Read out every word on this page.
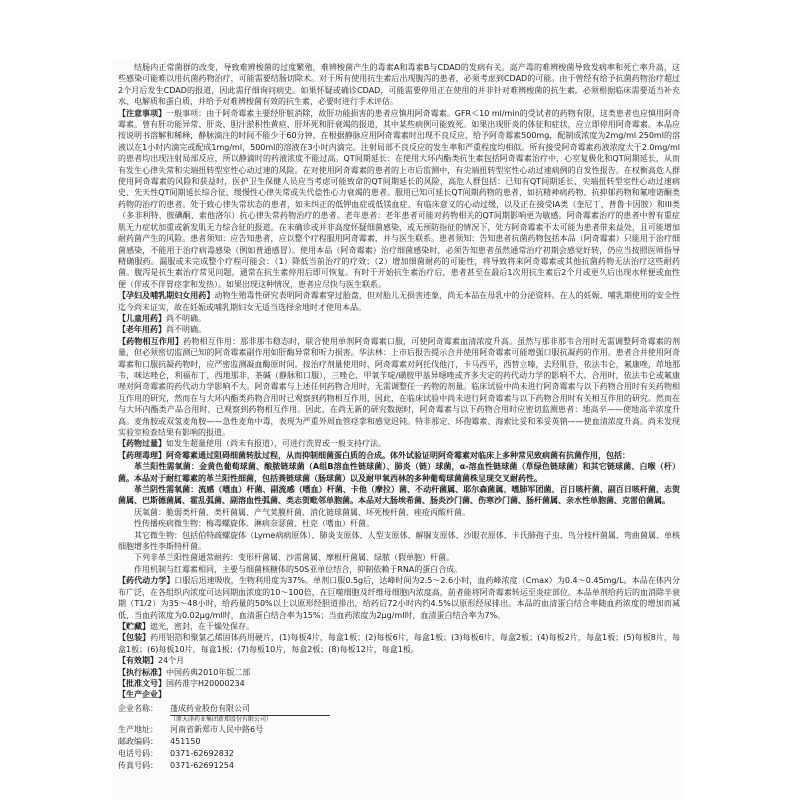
结肠内正常菌群的改变，导致难辨梭菌的过度繁殖，难辨梭菌产生的毒素A和毒素B与CDAD的发病有关。高产毒的难辨梭菌导致发病率和死亡率升高，这些感染可能难以用抗菌药物治疗，可能需要结肠切除术。对于所有使用抗生素后出现腹泻的患者，必须考虑到CDAD的可能。由于曾经有给予抗菌药物治疗超过2个月后发生CDAD的报道，因此需仔细询问病史。如果怀疑或确诊CDAD，可能需要停用正在使用的并非针对难辨梭菌的抗生素。必须根据临床需要适当补充水、电解质和蛋白质，并给予对难辨梭菌有效的抗生素，必要时进行手术评估。

【注意事项】一般事项：由于阿奇霉素主要经肝脏消除，故肝功能损害的患者应慎用阿奇霉素。GFR＜10 ml/min的受试者的药物有限，这类患者也应慎用阿奇霉素。曾有肝功能异常、肝炎、胆汁淤积性黄疸、肝坏死和肝衰竭的报道，其中某些病例可能致死。如果出现肝炎的体征和症状，应立即停用阿奇霉素。本品应按说明书溶解和稀释，静脉滴注的时间不能少于60分钟，在根据静脉应用阿奇霉素时出现不良反应，给予阿奇霉素500mg，配制成浓度为2mg/ml 250ml的溶液以在1小时内滴完或配成1mg/ml，500ml的溶液在3小时内滴完。注射局部不良反应的发生率和严重程度均相似。所有接受阿奇霉素药液浓度大于2.0mg/ml的患者均出现注射局部反应，所以静滴时的药液浓度不能过高。QT间期延长：在使用大环内酯类抗生素包括阿奇霉素治疗中，心室复极化和QT间期延长，从而有发生心律失常和尖端扭转型室性心动过速的风险。在对使用阿奇霉素的患者的上市后监测中，有尖端扭转型室性心动过速病例的自发性报告。在权衡高危人群使用阿奇霉素的风险和获益时，医护卫生保健人员应当考虑可能致命的QT间期延长的风险，高危人群包括：已知有QT间期延长、尖端扭转型室性心动过速病史、先天性QT间期延长综合征、缓慢性心律失常或失代偿性心力衰竭的患者。服用已知可延长QT间期药物的患者，如抗精神病药物、抗抑郁药物和氟喹诺酮类药物的治疗的患者。处于致心律失常状态的患者，如未纠正的低钾血症或低镁血症、有临床意义的心动过缓，以及正在接受IA类（奎尼丁、普鲁卡因胺）和III类（多非利特、胺碘酮、索他洛尔）抗心律失常药物治疗的患者。老年患者：老年患者可能对药物相关的QT间期影响更为敏感。阿奇霉素治疗的患者中曾有重症肌无力症状加重或新发肌无力综合征的报道。在未确诊或并非高度怀疑细菌感染，或无预防指征的情况下，处方阿奇霉素不太可能为患者带来益处，且可能增加耐药菌产生的风险。患者须知：应告知患者，应以整个疗程服用阿奇霉素，并与医生联系。患者须知：告知患者抗菌药物包括本品（阿奇霉素）只能用于治疗细菌感染，不能用于治疗病毒感染（例如普通感冒）。使用本品（阿奇霉素）治疗细菌感染时，必须告知患者虽然通常治疗初期会感觉好转，仍应当按照医师指导精确服药。漏服或未完成整个疗程可能会：（1）降低当前治疗的疗效；（2）增加细菌耐药的可能性，将导致将来阿奇霉素或其他抗菌药物无法治疗这些耐药菌。腹泻是抗生素治疗常见问题，通常在抗生素停用后即可恢复。有时于开始抗生素治疗后，患者甚至在最后1次用抗生素后2个月或更久后出现水样便或血性便（伴或不伴胃痉挛和发热）。如果出现这种情况，患者应尽快与医生联系。

【孕妇及哺乳期妇女用药】动物生殖毒性研究表明阿奇霉素穿过胎盘，但对胎儿无损害迹象，尚无本品在母乳中的分泌资料。在人的妊娠、哺乳期使用的安全性迄今尚未证实，故在妊娠或哺乳期妇女无适当选择余地时才使用本品。

【儿童用药】尚不明确。

【老年用药】尚不明确。

【药物相互作用】药物相互作用：那非那韦稳态时，联合使用单剂阿奇霉素口服，可使阿奇霉素血清浓度升高。虽然与那非那韦合用时无需调整阿奇霉素的剂量，但必须密切监测已知的阿奇霉素副作用如肝酶异常和听力损害。华法林：上市后报告提示合并使用阿奇霉素可能增强口服抗凝药的作用。患者合并使用阿奇霉素和口服抗凝药物时，应严密监测凝血酶原时间。按治疗剂量使用时，阿奇霉素对阿托伐他汀，卡马西平，西替立嗪，去羟肌苷，依法韦仑，氟康唑，茚地那韦，咪达唑仑，利福布丁，西地那非，茶碱（静脉和口服），三唑仑，甲氧苄啶/磺胺甲基异噁唑或齐多夫定的药代动力学的影响不大。合用时，依法韦仑或氟康唑对阿奇霉素的药代动力学影响不大。阿奇霉素与上述任何药物合用时，无需调整任一药物的剂量。临床试验中尚未进行阿奇霉素与以下药物合用时有关药物相互作用的研究，然而在与大环内酯类药物合用时已观察到药物相互作用，因此，在临床试验中尚未进行阿奇霉素与以下药物合用时有关相互作用的研究。然而在与大环内酯类产品合用时，已观察到药物相互作用。因此，在尚无新的研究数据时，阿奇霉素与以下药物合用时应密切监测患者：地高辛——使地高辛浓度升高。麦角胺或双氢麦角胺——急性麦角中毒，表现为严重外周血管痉挛和感觉迟钝。特非那定、环孢霉素、海索比妥和苯妥英钠——使血清浓度升高。尚未发现实验室检查结果有影响的报道。

【药物过量】如发生超量使用（尚未有报道），可进行洗胃或一般支持疗法。

【药理毒理】阿奇霉素通过阻碍细菌转肽过程，从而抑制细菌蛋白质的合成。体外试验证明阿奇霉素对临床上多种常见致病菌有抗菌作用，包括：

革兰阳性需氧菌：金黄色葡萄球菌、酿脓链球菌（A组B溶血性链球菌）、肺炎（链）球菌，α-溶血性链球菌（草绿色链球菌）和其它链球菌、白喉（杆）菌。本品对于耐红霉素的革兰阳性细菌，包括粪链球菌（肠球菌）以及耐甲氧西林的多种葡萄球菌菌株呈现交叉耐药性。

革兰阴性需氧菌：流感（嗜血）杆菌、副流感（嗜血）杆菌、卡他（摩拉）菌、不动杆菌属、耶尔森菌属、嗜肺军团菌、百日咳杆菌、副百日咳杆菌、志贺菌属、巴斯德菌属、霍乱弧菌、副溶血性弧菌、类志贺毗邻单胞菌。本品对大肠埃希菌、肠炎沙门菌、伤寒沙门菌、肠杆菌属、亲水性单胞菌、克雷伯菌属。

厌氧菌：脆弱类杆菌、类杆菌属、产气荚膜杆菌、消化链球菌属、坏死梭杆菌、痤疮丙酸杆菌。

性传播疾病微生物：梅毒螺旋体、淋病奈瑟菌、杜克（嗜血）杆菌。

其它微生物：包括伯特疏螺旋体（Lyme病病原体）、肺炎支原体、人型支原体、解脲支原体、沙眼衣原体、卡氏肺孢子虫、鸟分枝杆菌属、弯曲菌属、单核细胞增多性李斯特杆菌。

下列非革兰阳性菌通常耐药：变形杆菌属、沙雷菌属、摩根杆菌属、绿脓（假单胞）杆菌。

作用机制与红霉素相同，主要与细菌核糖体的50S亚单位结合，抑制依赖于RNA的蛋白合成。

【药代动力学】口服后迅速吸收，生物利用度为37%。单剂口服0.5g后，达峰时间为2.5～2.6小时，血药峰浓度（Cmax）为0.4～0.45mg/L。本品在体内分布广泛，在各组织内浓度可达同期血浓度的10～100倍，在巨噬细胞及纤维母细胞内浓度高，前者能将阿奇霉素转运至炎症部位。本品单剂给药后的血消除半衰期（T1/2）为35～48小时，给药量的50%以上以原形经胆道排出，给药后72小时内约4.5%以原形经尿排出。本品的血清蛋白结合率随血药浓度的增加而减低，当血药浓度为0.02μg/ml时，血清蛋白结合率为15%；当血药浓度为2μg/ml时，血清蛋白结合率为7%。

【贮藏】遮光，密封，在干燥处保存。

【包装】药用铝箔和聚氯乙烯固体药用硬片，(1)每板4片，每盒1板；(2)每板6片，每盒1板；(3)每板6片，每盒2板；(4)每板2片，每盒1板；(5)每板8片，每盒1板；(6)每板10片，每盒1板；(7)每板10片，每盒2板；(8)每板12片，每盒1板。

【有效期】24个月

【执行标准】中国药典2010年版二部

【批准文号】国药准字H20000234

【生产企业】

企业名称： 蓬成药业股份有限公司
（原天津药业集团新郑股份有限公司）
生产地址： 河南省新郑市人民中路6号
邮政编码： 451150
电话号码： 0371-62692832
传真号码： 0371-62691254
